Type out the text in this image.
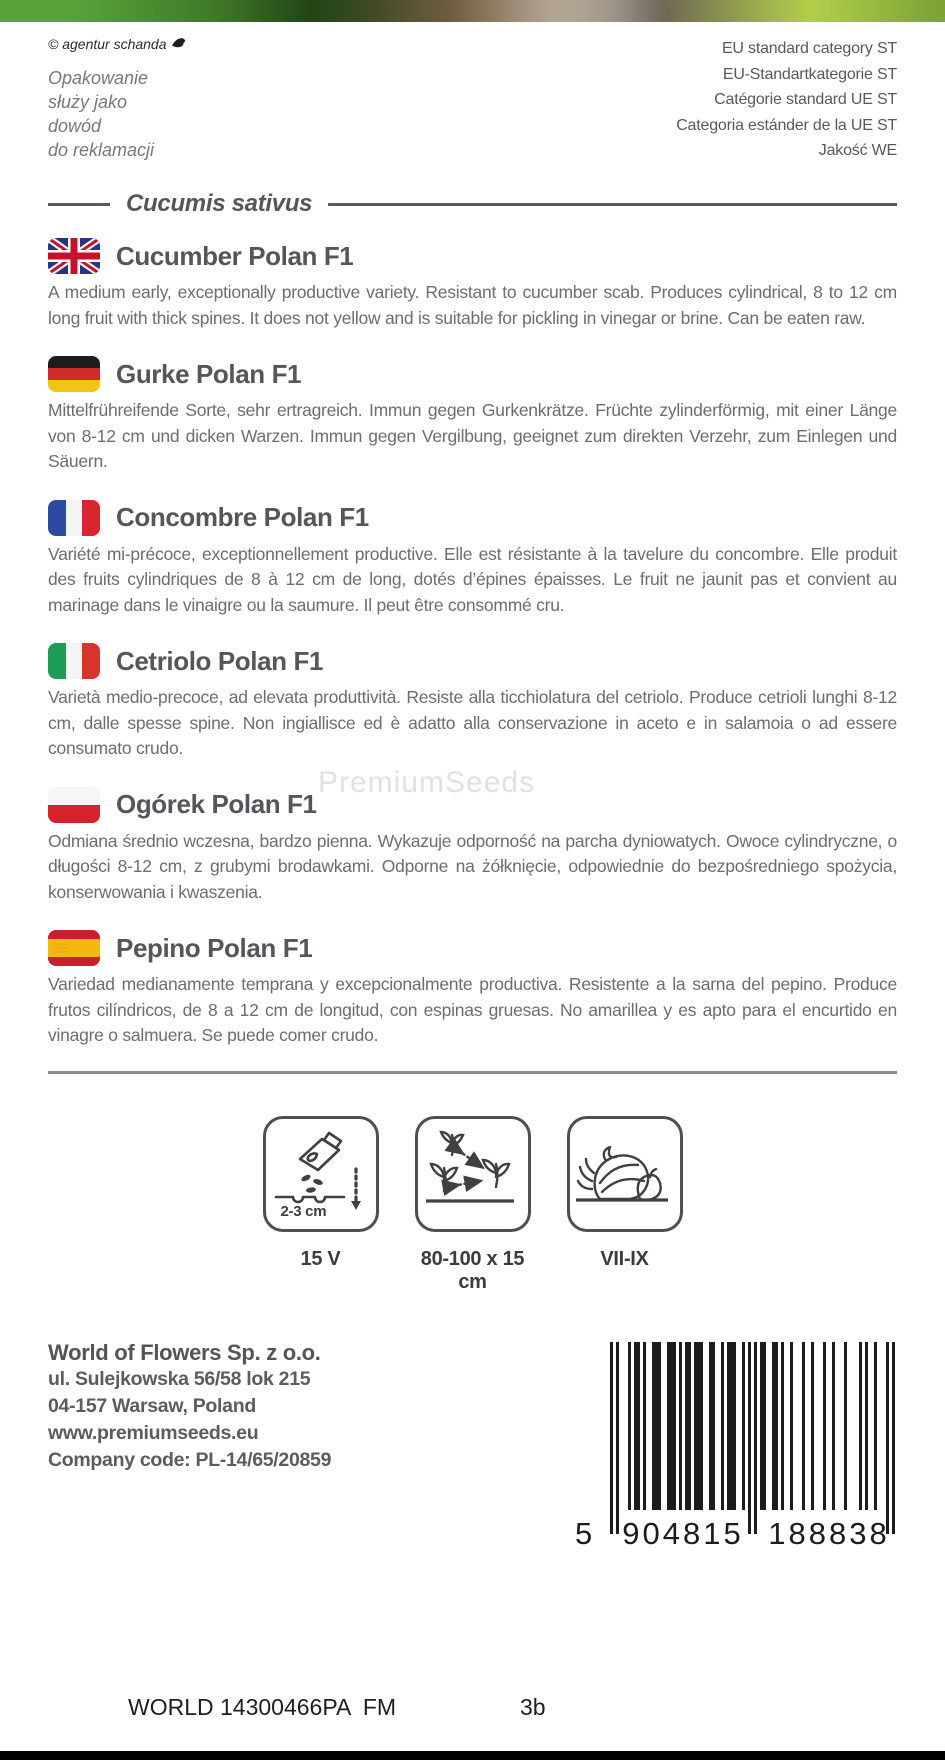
PremiumSeeds
© agentur schanda
Opakowanie
służy jako
dowód
do reklamacji
EU standard category ST
EU-Standartkategorie ST
Catégorie standard UE ST
Categoria estánder de la UE ST
Jakość WE
Cucumis sativus
Cucumber Polan F1

A medium early, exceptionally productive variety. Resistant to cucumber scab. Produces cylindrical, 8 to 12 cm long fruit with thick spines. It does not yellow and is suitable for pickling in vinegar or brine. Can be eaten raw.

Gurke Polan F1

Mittelfrühreifende Sorte, sehr ertragreich. Immun gegen Gurkenkrätze. Früchte zylinderförmig, mit einer Länge von 8-12 cm und dicken Warzen. Immun gegen Vergilbung, geeignet zum direkten Verzehr, zum Einlegen und Säuern.

Concombre Polan F1

Variété mi-précoce, exceptionnellement productive. Elle est résistante à la tavelure du concombre. Elle produit des fruits cylindriques de 8 à 12 cm de long, dotés d’épines épaisses. Le fruit ne jaunit pas et convient au marinage dans le vinaigre ou la saumure. Il peut être consommé cru.

Cetriolo Polan F1

Varietà medio-precoce, ad elevata produttività. Resiste alla ticchiolatura del cetriolo. Produce cetrioli lunghi 8-12 cm, dalle spesse spine. Non ingiallisce ed è adatto alla conservazione in aceto e in salamoia o ad essere consumato crudo.

Ogórek Polan F1

Odmiana średnio wczesna, bardzo pienna. Wykazuje odporność na parcha dyniowatych. Owoce cylindryczne, o długości 8-12 cm, z grubymi brodawkami. Odporne na żółknięcie, odpowiednie do bezpośredniego spożycia, konserwowania i kwaszenia.

Pepino Polan F1

Variedad medianamente temprana y excepcionalmente productiva. Resistente a la sarna del pepino. Produce frutos cilíndricos, de 8 a 12 cm de longitud, con espinas gruesas. No amarillea y es apto para el encurtido en vinagre o salmuera. Se puede comer crudo.

2-3 cm
15 V	80-100 x 15 cm
VII-IX
World of Flowers Sp. z o.o.
ul. Sulejkowska 56/58 lok 215
04-157 Warsaw, Poland
www.premiumseeds.eu
Company code: PL-14/65/20859
5 904815 188838
WORLD 14300466PA  FM	3b
